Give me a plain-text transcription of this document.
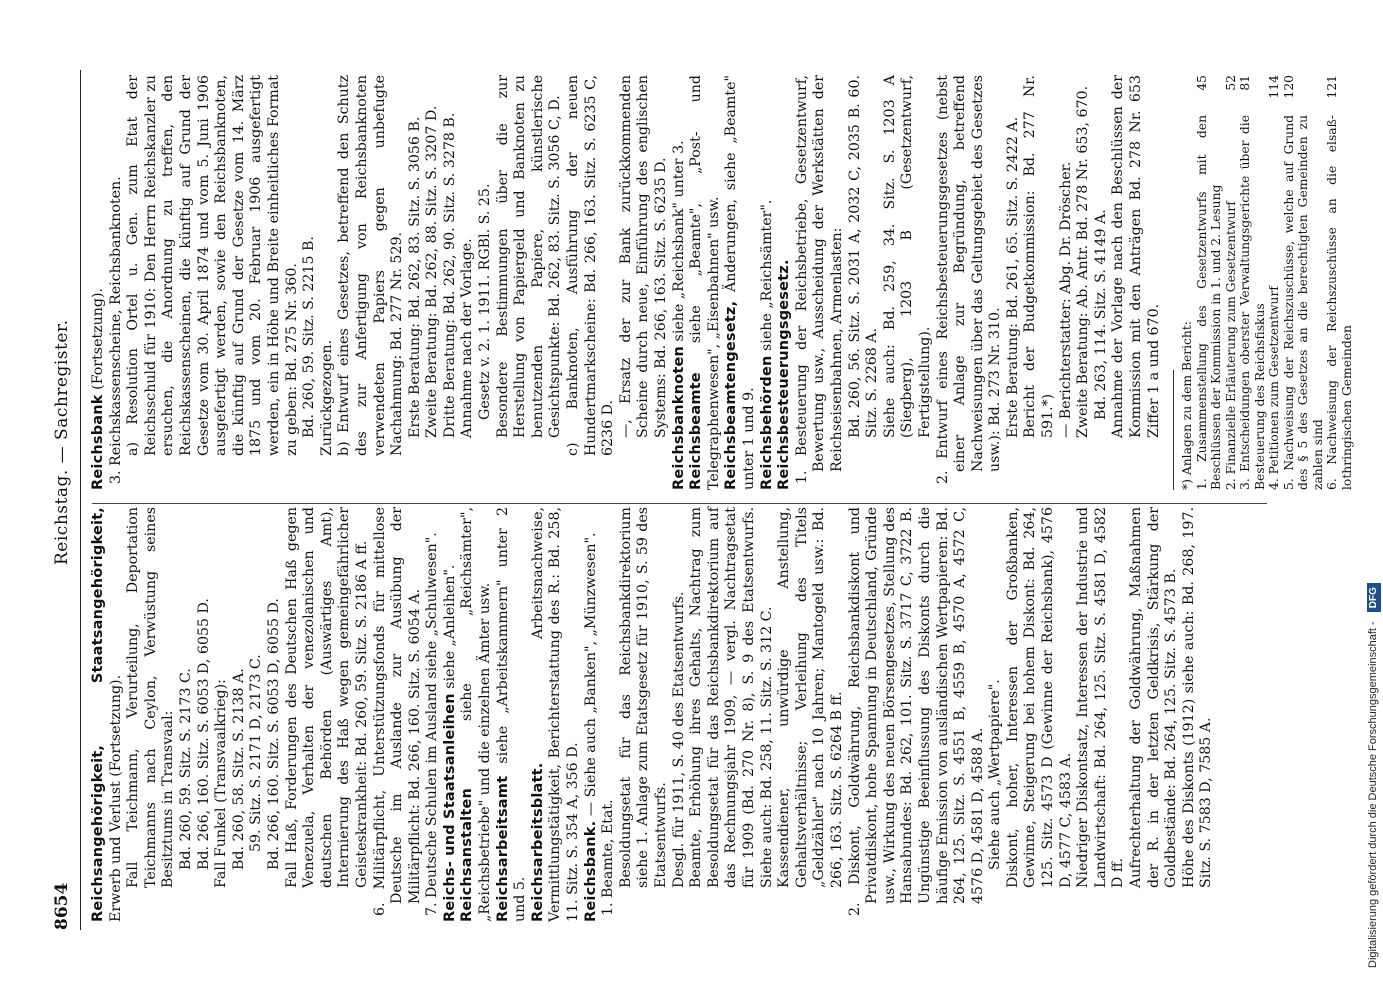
8654
Reichstag. — Sachregister.
Reichsangehörigkeit, Staatsangehörigkeit, Erwerb und Verlust (Fortsetzung). Fall Teichmann, Verurteilung, Deportation Teichmanns nach Ceylon, Verwüstung seines Besitztums in Transvaal: Bd. 260, 59. Sitz. S. 2173 C. Bd. 266, 160. Sitz. S. 6053 D, 6055 D. Fall Funkel (Transvaalkrieg): Bd. 260, 58. Sitz. S. 2138 A. 59. Sitz. S. 2171 D, 2173 C. Bd. 266, 160. Sitz. S. 6053 D, 6055 D. Fall Haß, Forderungen des Deutschen Haß gegen Venezuela, Verhalten der venezolanischen und deutschen Behörden (Auswärtiges Amt), Internierung des Haß wegen gemeingefährlicher Geisteskrankheit: Bd. 260, 59. Sitz. S. 2186 A ff. 6. Militärpflicht, Unterstützungsfonds für mittellose Deutsche im Auslande zur Ausübung der Militärpflicht: Bd. 266, 160. Sitz. S. 6054 A. 7. Deutsche Schulen im Ausland siehe „Schulwesen". Reichs- und Staatsanleihen siehe „Anleihen".
Reichsanstalten siehe „Reichsämter", „Reichsbetriebe" und die einzelnen Ämter usw. Reichsarbeitsamt siehe „Arbeitskammern" unter 2 und 5. Reichsarbeitsblatt. Arbeitsnachweise, Vermittlungstätigkeit, Berichterstattung des R.: Bd. 258, 11. Sitz. S. 354 A, 356 D. Reichsbank. — Siehe auch „Banken", „Münzwesen".
1. Beamte, Etat. Besoldungsetat für das Reichsbankdirektorium siehe 1. Anlage zum Etatsgesetz für 1910, S. 59 des Etatsentwurfs. Desgl. für 1911, S. 40 des Etatsentwurfs. Beamte, Erhöhung ihres Gehalts, Nachtrag zum Besoldungsetat für das Reichsbankdirektorium auf das Rechnungsjahr 1909, — vergl. Nachtragsetat für 1909 (Bd. 270 Nr. 8), S. 9 des Etatsentwurfs. Siehe auch: Bd. 258, 11. Sitz. S. 312 C. Kassendiener, unwürdige Anstellung, Gehaltsverhältnisse; Verleihung des Titels „Geldzähler" nach 10 Jahren; Mantogeld usw.: Bd. 266, 163. Sitz. S. 6264 B ff. 2. Diskont, Goldwährung, Reichsbankdiskont und Privatdiskont, hohe Spannung in Deutschland, Gründe usw., Wirkung des neuen Börsengesetzes, Stellung des Hansabundes: Bd. 262, 101. Sitz. S. 3717 C, 3722 B. Ungünstige Beeinflussung des Diskonts durch die häufige Emission von ausländischen Wertpapieren: Bd. 264, 125. Sitz. S. 4551 B, 4559 B, 4570 A, 4572 C, 4576 D, 4581 D, 4588 A. Siehe auch „Wertpapiere". Diskont, hoher, Interessen der Großbanken, Gewinne, Steigerung bei hohem Diskont: Bd. 264, 125. Sitz. 4573 D (Gewinne der Reichsbank), 4576 D, 4577 C, 4583 A. Niedriger Diskontsatz, Interessen der Industrie und Landwirtschaft: Bd. 264, 125. Sitz. S. 4581 D, 4582 D ff. Aufrechterhaltung der Goldwährung, Maßnahmen der R. in der letzten Geldkrisis, Stärkung der Goldbestände: Bd. 264, 125. Sitz. S. 4573 B. Höhe des Diskonts (1912) siehe auch: Bd. 268, 197. Sitz. S. 7583 D, 7585 A.
Reichsbank (Fortsetzung). 3. Reichskassenscheine, Reichsbanknoten. a) Resolution Ortel u. Gen. zum Etat der Reichsschuld für 1910: Den Herrn Reichskanzler zu ersuchen, die Anordnung zu treffen, den Reichskassenscheinen, die künftig auf Grund der Gesetze vom 30. April 1874 und vom 5. Juni 1906 ausgefertigt werden, sowie den Reichsbanknoten, die künftig auf Grund der Gesetze vom 14. März 1875 und vom 20. Februar 1906 ausgefertigt werden, ein in Höhe und Breite einheitliches Format zu geben: Bd. 275 Nr. 360. Bd. 260, 59. Sitz. S. 2215 B. Zurückgezogen. b) Entwurf eines Gesetzes, betreffend den Schutz des zur Anfertigung von Reichsbanknoten verwendeten Papiers gegen unbefugte Nachahmung: Bd. 277 Nr. 529. Erste Beratung: Bd. 262, 83. Sitz. S. 3056 B. Zweite Beratung: Bd. 262, 88. Sitz. S. 3207 D. Dritte Beratung: Bd. 262, 90. Sitz. S. 3278 B. Annahme nach der Vorlage. Gesetz v. 2. 1. 1911. RGBl. S. 25. Besondere Bestimmungen über die zur Herstellung von Papiergeld und Banknoten zu benutzenden Papiere, künstlerische Gesichtspunkte: Bd. 262, 83. Sitz. S. 3056 C, D. c) Banknoten, Ausführung der neuen Hundertmarkscheine: Bd. 266, 163. Sitz. S. 6235 C, 6236 D. —, Ersatz der zur Bank zurückkommenden Scheine durch neue, Einführung des englischen Systems: Bd. 266, 163. Sitz. S. 6235 D. Reichsbanknoten siehe „Reichsbank" unter 3.
Reichsbeamte siehe „Beamte", „Post- und Telegraphenwesen", „Eisenbahnen" usw. Reichsbeamtengesetz, Änderungen, siehe „Beamte" unter 1 und 9. Reichsbehörden siehe „Reichsämter". Reichsbesteuerungsgesetz. 1. Besteuerung der Reichsbetriebe, Gesetzentwurf, Bewertung usw., Ausscheidung der Werkstätten der Reichseisenbahnen, Armenlasten: Bd. 260, 56. Sitz. S. 2031 A, 2032 C, 2035 B. 60. Sitz. S. 2268 A. Siehe auch: Bd. 259, 34. Sitz. S. 1203 A (Siegberg), 1203 B (Gesetzentwurf, Fertigstellung). 2. Entwurf eines Reichsbesteuerungsgesetzes (nebst einer Anlage zur Begründung, betreffend Nachweisungen über das Geltungsgebiet des Gesetzes usw.): Bd. 273 Nr. 310. Erste Beratung: Bd. 261, 65. Sitz. S. 2422 A. Bericht der Budgetkommission: Bd. 277 Nr. 591.*) — Berichterstatter: Abg. Dr. Dröscher. Zweite Beratung: Ab. Antr. Bd. 278 Nr. 653, 670. Bd. 263, 114. Sitz. S. 4149 A. Annahme der Vorlage nach den Beschlüssen der Kommission mit den Anträgen Bd. 278 Nr. 653 Ziffer 1 a und 670. *) Anlagen zu dem Bericht: 1. Zusammenstellung des Gesetzentwurfs mit den Beschlüssen der Kommission in 1. und 2. Lesung
45
2. Finanzielle Erläuterung zum Gesetzentwurf
52
3. Entscheidungen oberster Verwaltungsgerichte über die Besteuerung des Reichsfiskus
81
4. Petitionen zum Gesetzentwurf
114
5. Nachweisung der Reichszuschüsse, welche auf Grund des § 5 des Gesetzes an die berechtigten Gemeinden zu zahlen sind
120
6. Nachweisung der Reichszuschüsse an die elsaß-lothringischen Gemeinden
121
Digitalisierung gefördert durch die Deutsche Forschungsgemeinschaft - DFG
